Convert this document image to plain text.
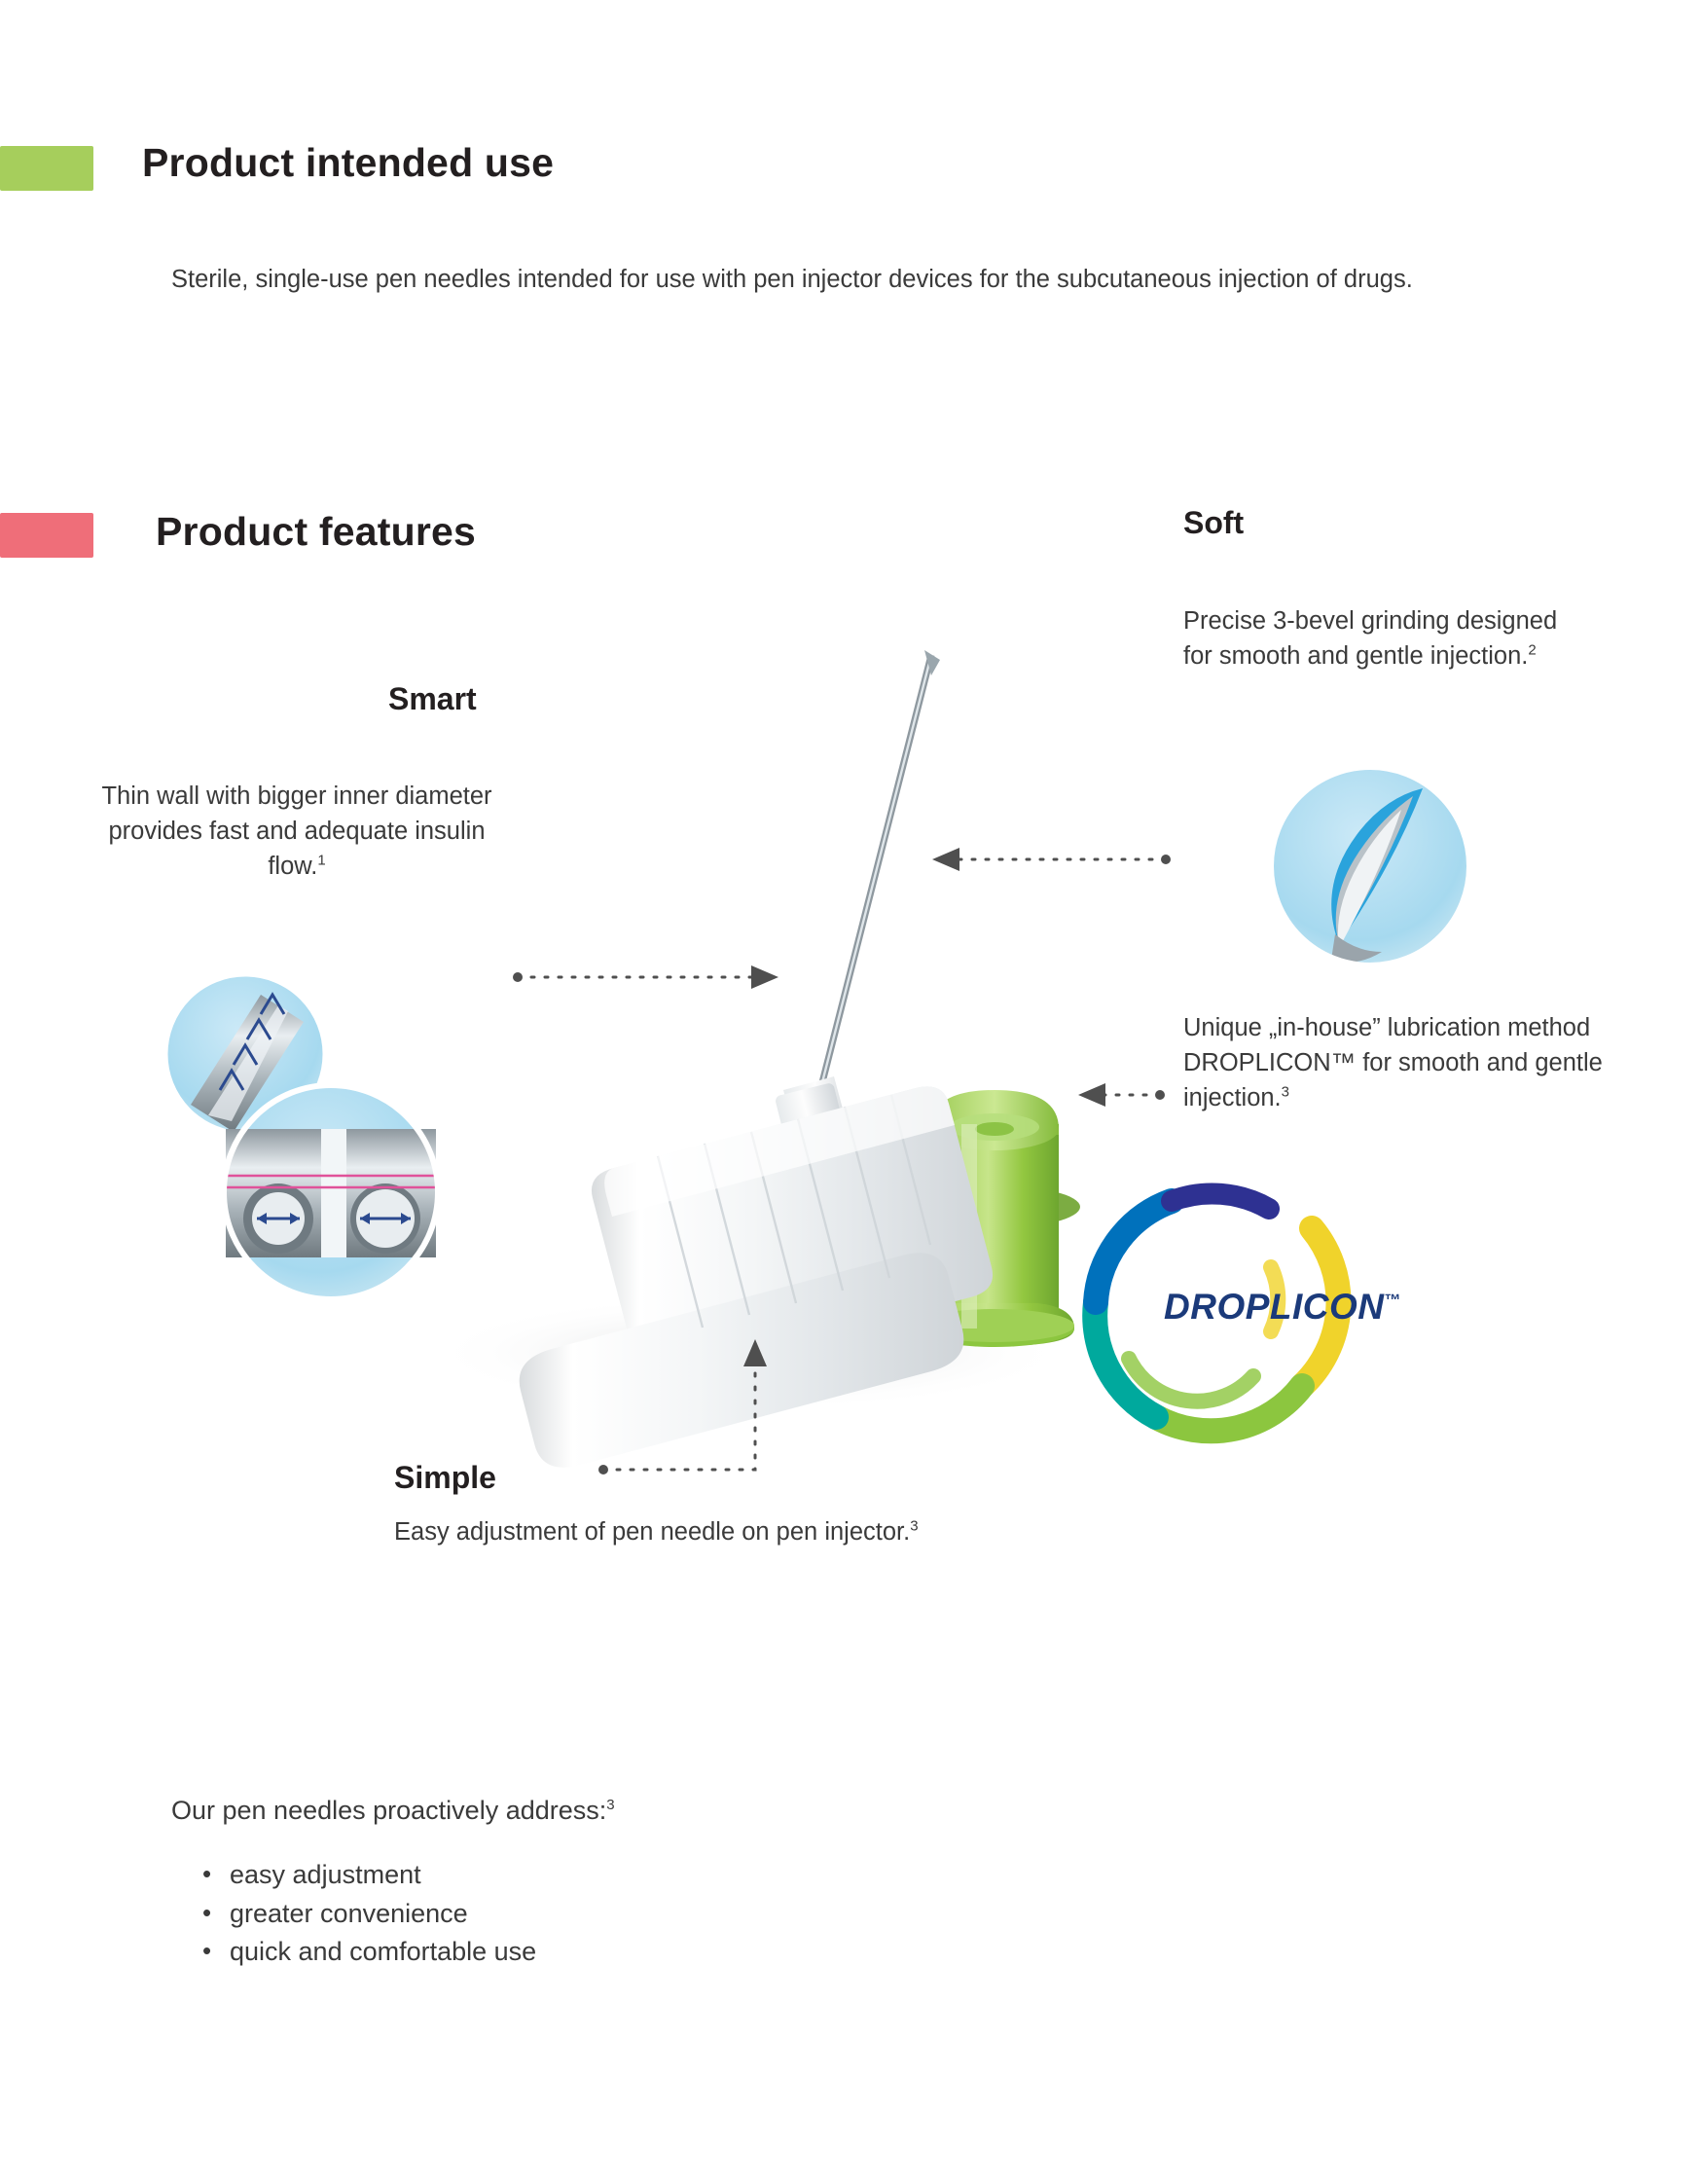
Product intended use
Sterile, single-use pen needles intended for use with pen injector devices for the subcutaneous injection of drugs.
Product features
Smart
Thin wall with bigger inner diameter provides fast and adequate insulin flow.$^1$
Soft
Precise 3-bevel grinding designed for smooth and gentle injection.$^2$
Unique „in-house” lubrication method DROPLICON™ for smooth and gentle injection.$^3$
Simple
Easy adjustment of pen needle on pen injector.$^3$
DROPLICON™
Our pen needles proactively address:$^3$
• easy adjustment
• greater convenience
• quick and comfortable use
